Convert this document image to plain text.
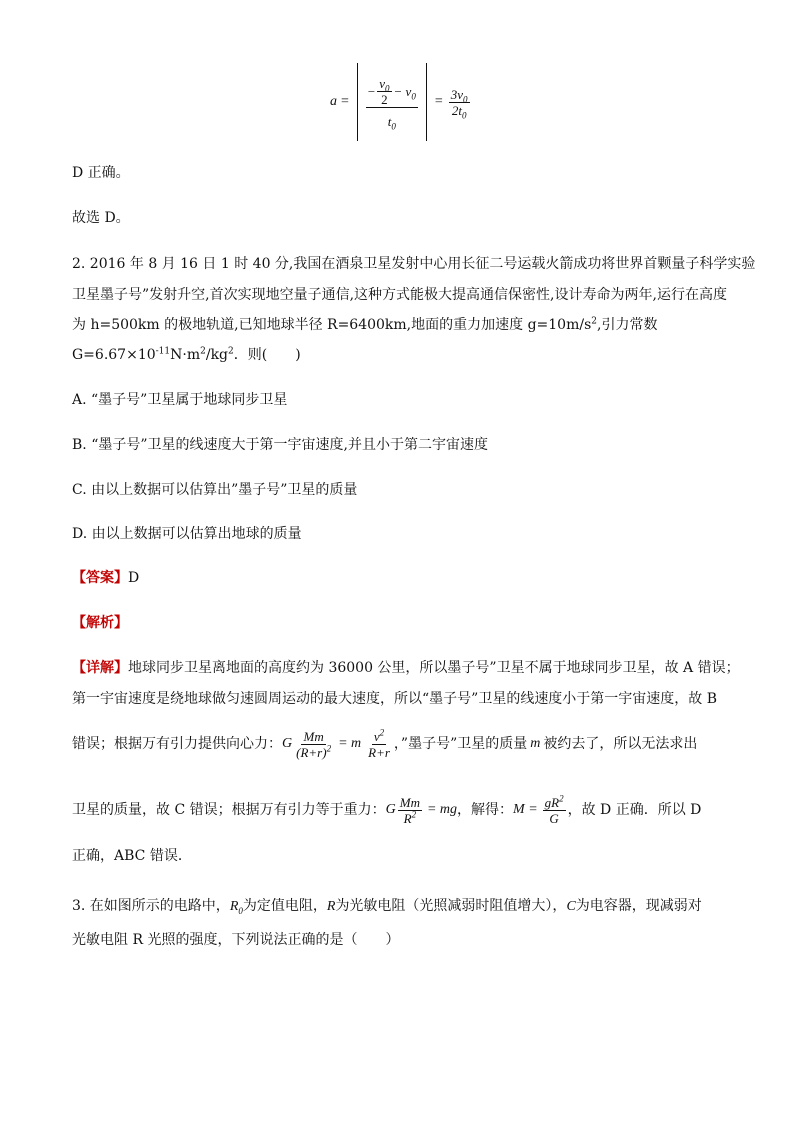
a =
− $\frac{v_0}{2} - v_0$
$t_0$
= $\frac{3v_0}{2t_0}$
D 正确。
故选 D。
2. 2016 年 8 月 16 日 1 时 40 分,我国在酒泉卫星发射中心用长征二号运载火箭成功将世界首颗量子科学实验
卫星墨子号”发射升空,首次实现地空量子通信,这种方式能极大提高通信保密性,设计寿命为两年,运行在高度
为 h=500km 的极地轨道,已知地球半径 R=6400km,地面的重力加速度 $g=10m/s^2$,引力常数
$G=6.67\times 10^{-11}N\cdot m^2/kg^2$．则(　　)
A. “墨子号”卫星属于地球同步卫星
B. “墨子号”卫星的线速度大于第一宇宙速度,并且小于第二宇宙速度
C. 由以上数据可以估算出”墨子号”卫星的质量
D. 由以上数据可以估算出地球的质量
【答案】D
【解析】
【详解】地球同步卫星离地面的高度约为 36000 公里，所以墨子号”卫星不属于地球同步卫星，故 A 错误；
第一宇宙速度是绕地球做匀速圆周运动的最大速度，所以“墨子号”卫星的线速度小于第一宇宙速度，故 B
错误；根据万有引力提供向心力： G $\frac{Mm}{(R+r)^2} = m \frac{v^2}{R+r}$ ，”墨子号”卫星的质量 m 被约去了，所以无法求出
卫星的质量，故 C 错误；根据万有引力等于重力： G $\frac{Mm}{R^2}$ = mg ，解得： $M = \frac{gR^2}{G}$ ，故 D 正确．所以 D
正确，ABC 错误．
3. 在如图所示的电路中，$R_0$为定值电阻，R为光敏电阻（光照减弱时阻值增大），C为电容器，现减弱对
光敏电阻 R 光照的强度，下列说法正确的是（　　）
